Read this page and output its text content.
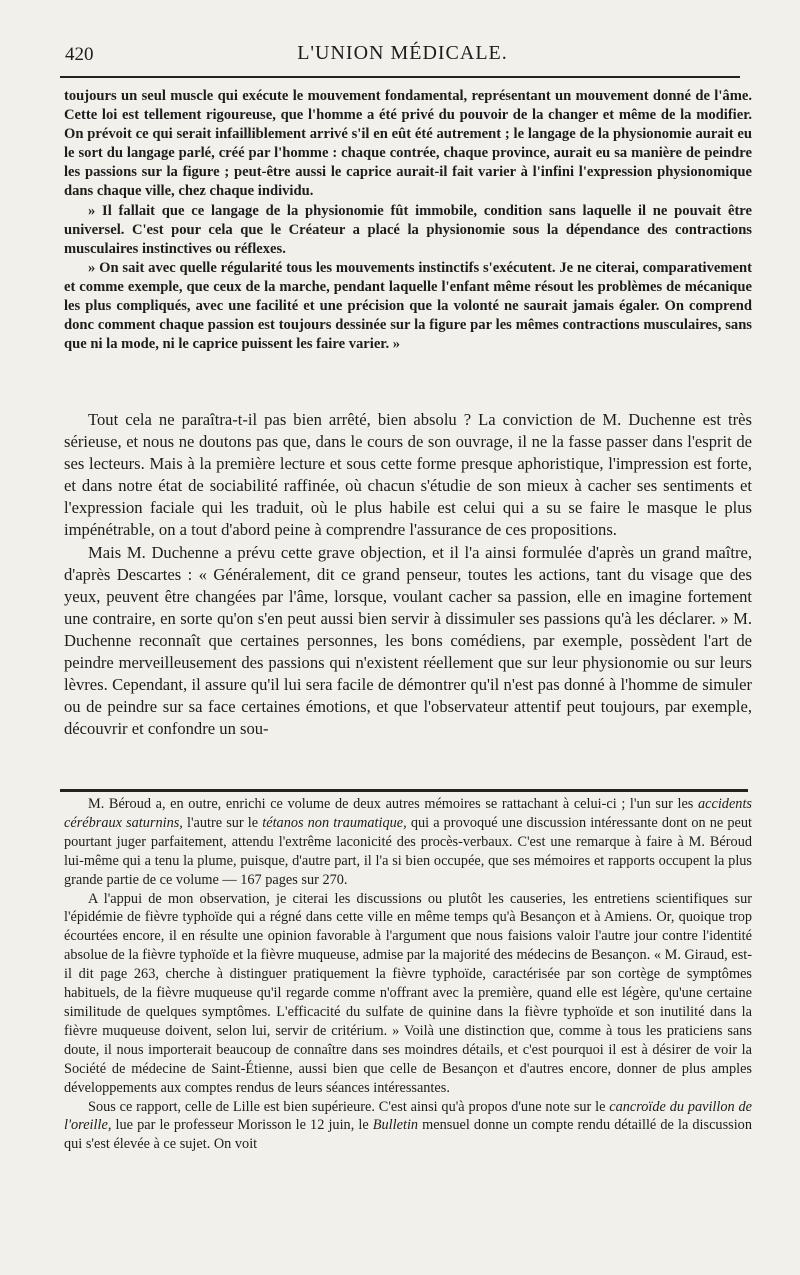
420	L'UNION MÉDICALE.

toujours un seul muscle qui exécute le mouvement fondamental, représentant un mouvement donné de l'âme. Cette loi est tellement rigoureuse, que l'homme a été privé du pouvoir de la changer et même de la modifier. On prévoit ce qui serait infailliblement arrivé s'il en eût été autrement ; le langage de la physionomie aurait eu le sort du langage parlé, créé par l'homme : chaque contrée, chaque province, aurait eu sa manière de peindre les passions sur la figure ; peut-être aussi le caprice aurait-il fait varier à l'infini l'expression physionomique dans chaque ville, chez chaque individu.

» Il fallait que ce langage de la physionomie fût immobile, condition sans laquelle il ne pouvait être universel. C'est pour cela que le Créateur a placé la physionomie sous la dépendance des contractions musculaires instinctives ou réflexes.

» On sait avec quelle régularité tous les mouvements instinctifs s'exécutent. Je ne citerai, comparativement et comme exemple, que ceux de la marche, pendant laquelle l'enfant même résout les problèmes de mécanique les plus compliqués, avec une facilité et une précision que la volonté ne saurait jamais égaler. On comprend donc comment chaque passion est toujours dessinée sur la figure par les mêmes contractions musculaires, sans que ni la mode, ni le caprice puissent les faire varier. »

Tout cela ne paraîtra-t-il pas bien arrêté, bien absolu ? La conviction de M. Duchenne est très sérieuse, et nous ne doutons pas que, dans le cours de son ouvrage, il ne la fasse passer dans l'esprit de ses lecteurs. Mais à la première lecture et sous cette forme presque aphoristique, l'impression est forte, et dans notre état de sociabilité raffinée, où chacun s'étudie de son mieux à cacher ses sentiments et l'expression faciale qui les traduit, où le plus habile est celui qui a su se faire le masque le plus impénétrable, on a tout d'abord peine à comprendre l'assurance de ces propositions.

Mais M. Duchenne a prévu cette grave objection, et il l'a ainsi formulée d'après un grand maître, d'après Descartes : « Généralement, dit ce grand penseur, toutes les actions, tant du visage que des yeux, peuvent être changées par l'âme, lorsque, voulant cacher sa passion, elle en imagine fortement une contraire, en sorte qu'on s'en peut aussi bien servir à dissimuler ses passions qu'à les déclarer. » M. Duchenne reconnaît que certaines personnes, les bons comédiens, par exemple, possèdent l'art de peindre merveilleusement des passions qui n'existent réellement que sur leur physionomie ou sur leurs lèvres. Cependant, il assure qu'il lui sera facile de démontrer qu'il n'est pas donné à l'homme de simuler ou de peindre sur sa face certaines émotions, et que l'observateur attentif peut toujours, par exemple, découvrir et confondre un sou-

M. Béroud a, en outre, enrichi ce volume de deux autres mémoires se rattachant à celui-ci ; l'un sur les accidents cérébraux saturnins, l'autre sur le tétanos non traumatique, qui a provoqué une discussion intéressante dont on ne peut pourtant juger parfaitement, attendu l'extrême laconicité des procès-verbaux. C'est une remarque à faire à M. Béroud lui-même qui a tenu la plume, puisque, d'autre part, il l'a si bien occupée, que ses mémoires et rapports occupent la plus grande partie de ce volume — 167 pages sur 270.

A l'appui de mon observation, je citerai les discussions ou plutôt les causeries, les entretiens scientifiques sur l'épidémie de fièvre typhoïde qui a régné dans cette ville en même temps qu'à Besançon et à Amiens. Or, quoique trop écourtées encore, il en résulte une opinion favorable à l'argument que nous faisions valoir l'autre jour contre l'identité absolue de la fièvre typhoïde et la fièvre muqueuse, admise par la majorité des médecins de Besançon. « M. Giraud, est-il dit page 263, cherche à distinguer pratiquement la fièvre typhoïde, caractérisée par son cortège de symptômes habituels, de la fièvre muqueuse qu'il regarde comme n'offrant avec la première, quand elle est légère, qu'une certaine similitude de quelques symptômes. L'efficacité du sulfate de quinine dans la fièvre typhoïde et son inutilité dans la fièvre muqueuse doivent, selon lui, servir de critérium. » Voilà une distinction que, comme à tous les praticiens sans doute, il nous importerait beaucoup de connaître dans ses moindres détails, et c'est pourquoi il est à désirer de voir la Société de médecine de Saint-Étienne, aussi bien que celle de Besançon et d'autres encore, donner de plus amples développements aux comptes rendus de leurs séances intéressantes.

Sous ce rapport, celle de Lille est bien supérieure. C'est ainsi qu'à propos d'une note sur le cancroïde du pavillon de l'oreille, lue par le professeur Morisson le 12 juin, le Bulletin mensuel donne un compte rendu détaillé de la discussion qui s'est élevée à ce sujet. On voit
